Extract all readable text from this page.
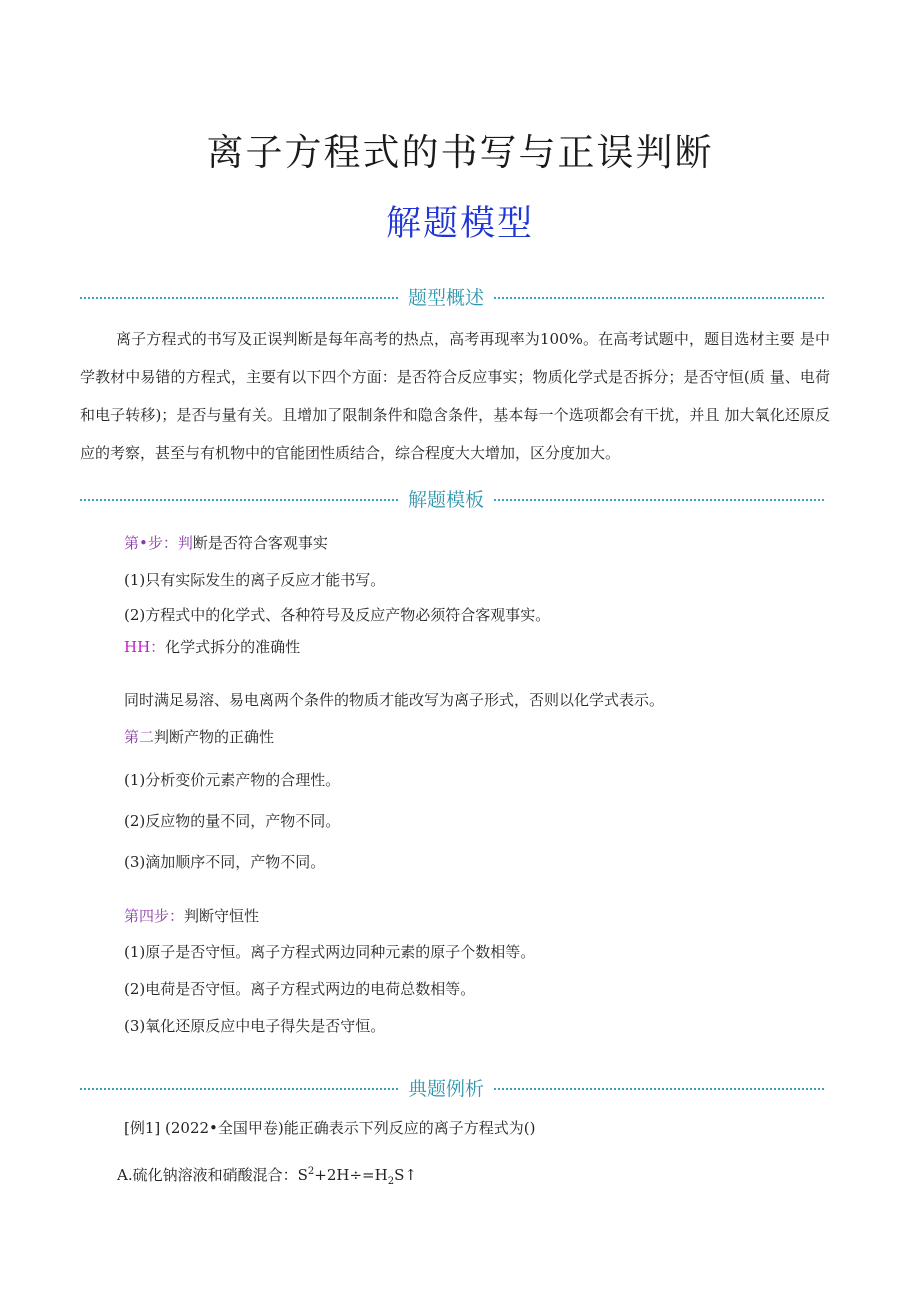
离子方程式的书写与正误判断
解题模型
题型概述
离子方程式的书写及正误判断是每年高考的热点，高考再现率为100%。在高考试题中，题目选材主要 是中学教材中易错的方程式，主要有以下四个方面：是否符合反应事实；物质化学式是否拆分；是否守恒(质 量、电荷和电子转移)；是否与量有关。且增加了限制条件和隐含条件，基本每一个选项都会有干扰，并且 加大氧化还原反应的考察，甚至与有机物中的官能团性质结合，综合程度大大增加，区分度加大。
解题模板
第•步：判断是否符合客观事实
(1)只有实际发生的离子反应才能书写。
(2)方程式中的化学式、各种符号及反应产物必须符合客观事实。
HH：化学式拆分的准确性
同时满足易溶、易电离两个条件的物质才能改写为离子形式，否则以化学式表示。
第二判断产物的正确性
(1)分析变价元素产物的合理性。
(2)反应物的量不同，产物不同。
(3)滴加顺序不同，产物不同。
第四步：判断守恒性
(1)原子是否守恒。离子方程式两边同种元素的原子个数相等。
(2)电荷是否守恒。离子方程式两边的电荷总数相等。
(3)氧化还原反应中电子得失是否守恒。
典题例析
[例1] (2022•全国甲卷)能正确表示下列反应的离子方程式为()
A.硫化钠溶液和硝酸混合：$S^2+2H\div=H_2S↑$
